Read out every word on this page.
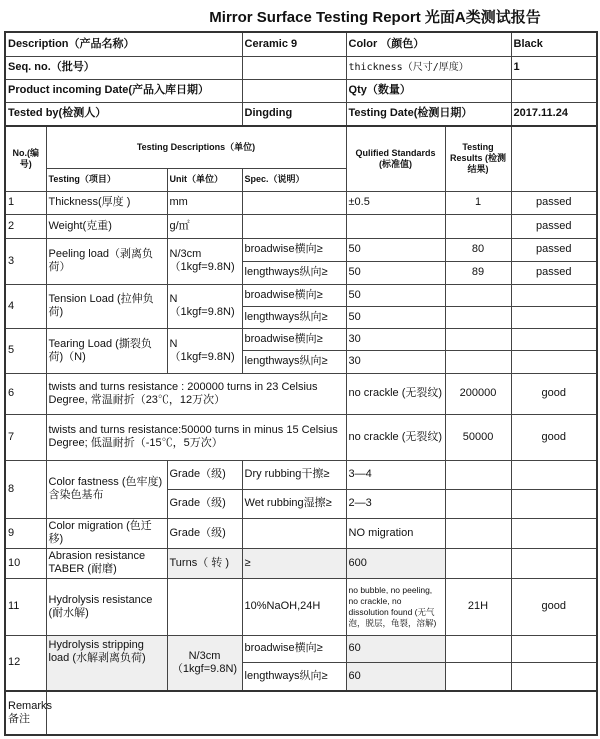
Mirror Surface Testing Report 光面A类测试报告
Description（产品名称）			Ceramic 9	Color （颜色）		Black
Seq. no.（批号）				thickness（尺寸/厚度）		1
Product incoming Date(产品入库日期）				Qty（数量）		
Tested by(检测人）			Dingding	Testing Date(检测日期）		2017.11.24
No.(编号)	Testing Descriptions（单位)			Qulified Standards (标准值)	Testing Results (检测结果)	
	Testing（项目）	Unit（单位）	Spec.（说明）			
1	Thickness(厚度 )	mm		±0.5	1	passed
2	Weight(克重)	g/㎡				passed
3	Peeling load（剥离负荷）	N/3cm （1kgf=9.8N)	broadwise横向≥	50	80	passed
			lengthways纵向≥	50	89	passed
4	Tension Load (拉伸负荷)	N （1kgf=9.8N)	broadwise横向≥	50		
			lengthways纵向≥	50		
5	Tearing Load (撕裂负荷)（N)	N （1kgf=9.8N)	broadwise横向≥	30		
			lengthways纵向≥	30		
6	twists and turns resistance : 200000 turns in 23 Celsius Degree, 常温耐折（23℃，12万次）			no crackle (无裂纹)	200000	good
7	twists and turns resistance:50000 turns in minus 15 Celsius Degree; 低温耐折（-15℃，5万次）			no crackle (无裂纹)	50000	good
8	Color fastness (色牢度) 含染色基布	Grade（级)	Dry rubbing干擦≥	3—4		
		Grade（级)	Wet rubbing湿擦≥	2—3		
9	Color migration (色迁移)	Grade（级)		NO migration		
10	Abrasion resistance TABER (耐磨)	Turns（ 转 )	≥	600		
11	Hydrolysis resistance (耐水解)		10%NaOH,24H	no bubble, no peeling, no crackle, no dissolution found (无气泡，脱层，龟裂，溶解)	21H	good
12	Hydrolysis stripping load (水解剥离负荷)	N/3cm （1kgf=9.8N)	broadwise横向≥	60		
			lengthways纵向≥	60		
Remarks 备注						
